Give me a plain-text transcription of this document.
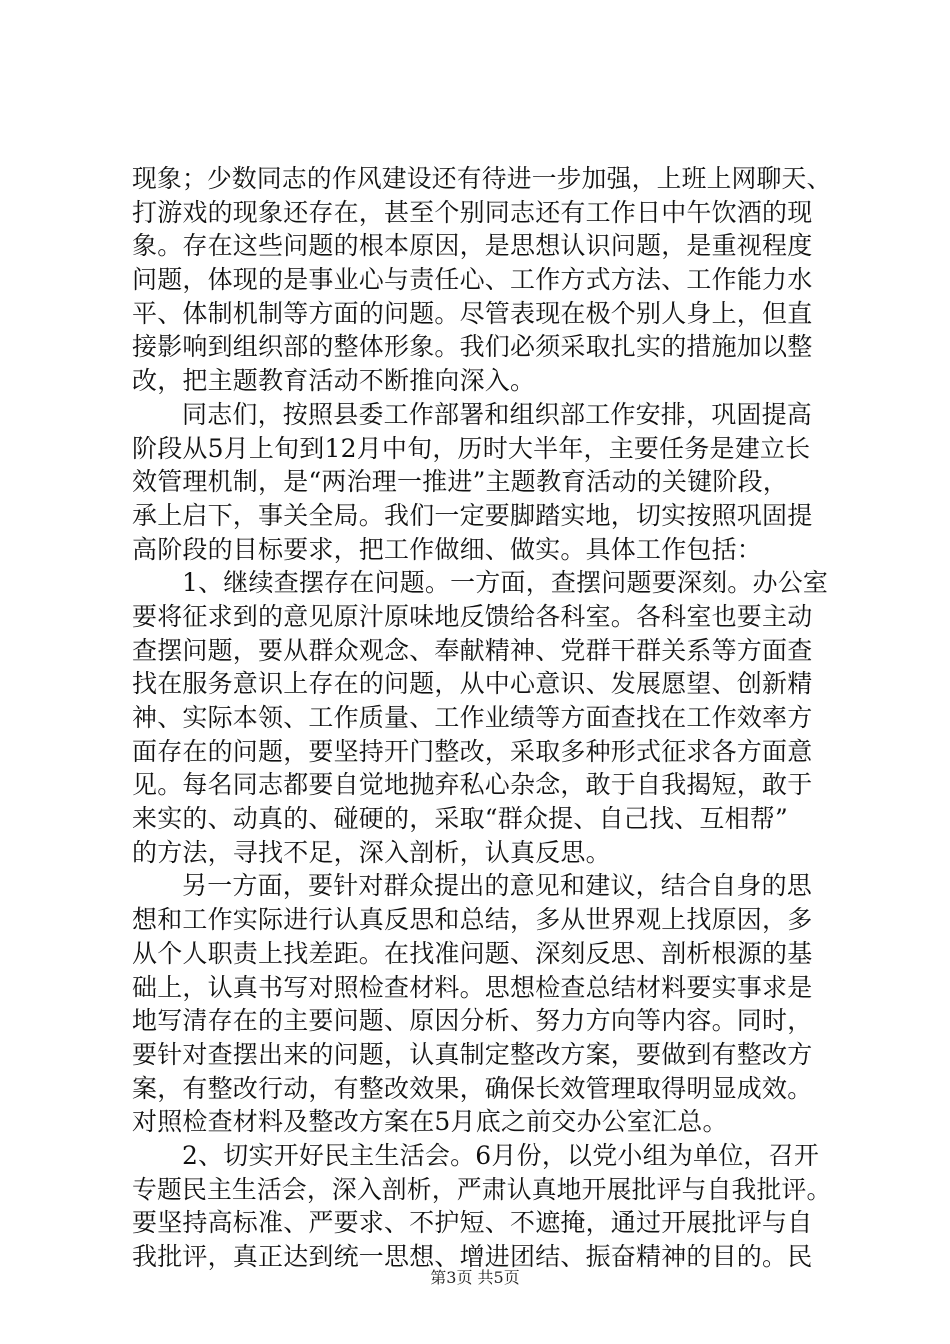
现象；少数同志的作风建设还有待进一步加强，上班上网聊天、
打游戏的现象还存在，甚至个别同志还有工作日中午饮酒的现
象。存在这些问题的根本原因，是思想认识问题，是重视程度
问题，体现的是事业心与责任心、工作方式方法、工作能力水
平、体制机制等方面的问题。尽管表现在极个别人身上，但直
接影响到组织部的整体形象。我们必须采取扎实的措施加以整
改，把主题教育活动不断推向深入。
同志们，按照县委工作部署和组织部工作安排，巩固提高
阶段从5月上旬到12月中旬，历时大半年，主要任务是建立长
效管理机制，是“两治理一推进”主题教育活动的关键阶段，
承上启下，事关全局。我们一定要脚踏实地，切实按照巩固提
高阶段的目标要求，把工作做细、做实。具体工作包括：
1、继续查摆存在问题。一方面，查摆问题要深刻。办公室
要将征求到的意见原汁原味地反馈给各科室。各科室也要主动
查摆问题，要从群众观念、奉献精神、党群干群关系等方面查
找在服务意识上存在的问题，从中心意识、发展愿望、创新精
神、实际本领、工作质量、工作业绩等方面查找在工作效率方
面存在的问题，要坚持开门整改，采取多种形式征求各方面意
见。每名同志都要自觉地抛弃私心杂念，敢于自我揭短，敢于
来实的、动真的、碰硬的，采取“群众提、自己找、互相帮”
的方法，寻找不足，深入剖析，认真反思。
另一方面，要针对群众提出的意见和建议，结合自身的思
想和工作实际进行认真反思和总结，多从世界观上找原因，多
从个人职责上找差距。在找准问题、深刻反思、剖析根源的基
础上，认真书写对照检查材料。思想检查总结材料要实事求是
地写清存在的主要问题、原因分析、努力方向等内容。同时，
要针对查摆出来的问题，认真制定整改方案，要做到有整改方
案，有整改行动，有整改效果，确保长效管理取得明显成效。
对照检查材料及整改方案在5月底之前交办公室汇总。
2、切实开好民主生活会。6月份，以党小组为单位，召开
专题民主生活会，深入剖析，严肃认真地开展批评与自我批评。
要坚持高标准、严要求、不护短、不遮掩，通过开展批评与自
我批评，真正达到统一思想、增进团结、振奋精神的目的。民
第3页 共5页
